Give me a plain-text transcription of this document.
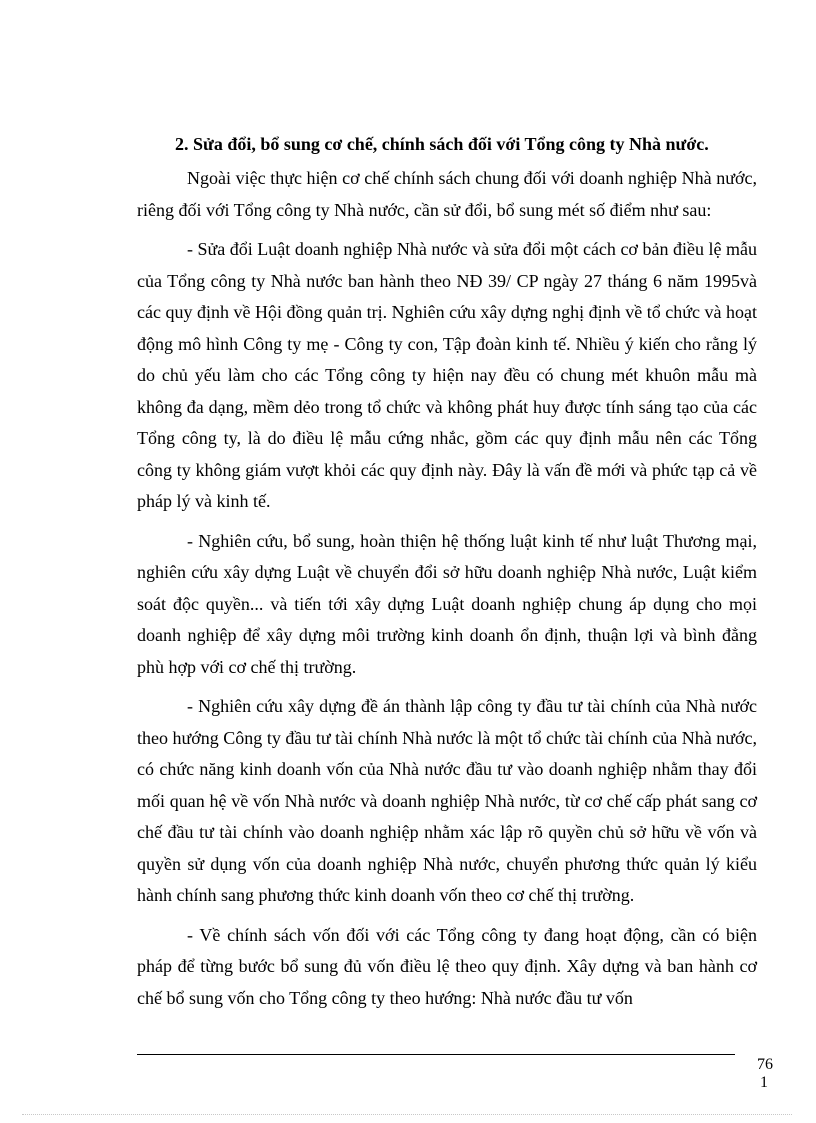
2. Sửa đổi, bổ sung cơ chế, chính sách đối với Tổng công ty Nhà nước.

Ngoài việc thực hiện cơ chế chính sách chung đối với doanh nghiệp Nhà nước, riêng đối với Tổng công ty Nhà nước, cần sử đổi, bổ sung mét số điểm như sau:

- Sửa đổi Luật doanh nghiệp Nhà nước và sửa đổi một cách cơ bản điều lệ mẫu của Tổng công ty Nhà nước ban hành theo NĐ 39/ CP ngày 27 tháng 6 năm 1995và các quy định về Hội đồng quản trị. Nghiên cứu xây dựng nghị định về tổ chức và hoạt động mô hình Công ty mẹ - Công ty con, Tập đoàn kinh tế. Nhiều ý kiến cho rằng lý do chủ yếu làm cho các Tổng công ty hiện nay đều có chung mét khuôn mẫu mà không đa dạng, mềm dẻo trong tổ chức và không phát huy được tính sáng tạo của các Tổng công ty, là do điều lệ mẫu cứng nhắc, gồm các quy định mẫu nên các Tổng công ty không giám vượt khỏi các quy định này. Đây là vấn đề mới và phức tạp cả về pháp lý và kinh tế.

- Nghiên cứu, bổ sung, hoàn thiện hệ thống luật kinh tế như luật Thương mại, nghiên cứu xây dựng Luật về chuyển đổi sở hữu doanh nghiệp Nhà nước, Luật kiểm soát độc quyền... và tiến tới xây dựng Luật doanh nghiệp chung áp dụng cho mọi doanh nghiệp để xây dựng môi trường kinh doanh ổn định, thuận lợi và bình đẳng phù hợp với cơ chế thị trường.

- Nghiên cứu xây dựng đề án thành lập công ty đầu tư tài chính của Nhà nước theo hướng Công ty đầu tư tài chính Nhà nước là một tổ chức tài chính của Nhà nước, có chức năng kinh doanh vốn của Nhà nước đầu tư vào doanh nghiệp nhằm thay đổi mối quan hệ về vốn Nhà nước và doanh nghiệp Nhà nước, từ cơ chế cấp phát sang cơ chế đầu tư tài chính vào doanh nghiệp nhằm xác lập rõ quyền chủ sở hữu về vốn và quyền sử dụng vốn của doanh nghiệp Nhà nước, chuyển phương thức quản lý kiểu hành chính sang phương thức kinh doanh vốn theo cơ chế thị trường.

- Về chính sách vốn đối với các Tổng công ty đang hoạt động, cần có biện pháp để từng bước bổ sung đủ vốn điều lệ theo quy định. Xây dựng và ban hành cơ chế bổ sung vốn cho Tổng công ty theo hướng: Nhà nước đầu tư vốn

76
1
